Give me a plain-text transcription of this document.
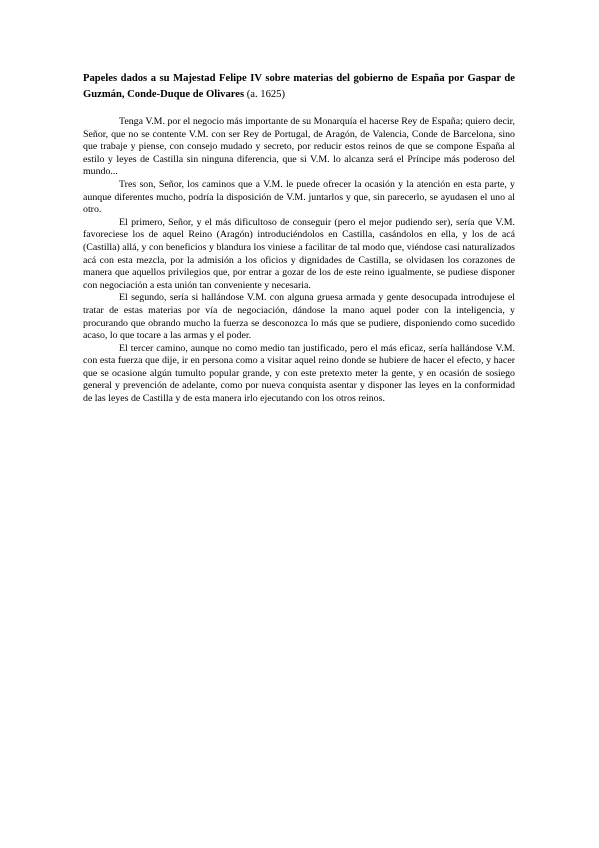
Papeles dados a su Majestad Felipe IV sobre materias del gobierno de España por Gaspar de Guzmán, Conde-Duque de Olivares (a. 1625)

Tenga V.M. por el negocio más importante de su Monarquía el hacerse Rey de España; quiero decir, Señor, que no se contente V.M. con ser Rey de Portugal, de Aragón, de Valencia, Conde de Barcelona, sino que trabaje y piense, con consejo mudado y secreto, por reducir estos reinos de que se compone España al estilo y leyes de Castilla sin ninguna diferencia, que si V.M. lo alcanza será el Príncipe más poderoso del mundo...

Tres son, Señor, los caminos que a V.M. le puede ofrecer la ocasión y la atención en esta parte, y aunque diferentes mucho, podría la disposición de V.M. juntarlos y que, sin parecerlo, se ayudasen el uno al otro.

El primero, Señor, y el más dificultoso de conseguir (pero el mejor pudiendo ser), sería que V.M. favoreciese los de aquel Reino (Aragón) introduciéndolos en Castilla, casándolos en ella, y los de acá (Castilla) allá, y con beneficios y blandura los viniese a facilitar de tal modo que, viéndose casi naturalizados acá con esta mezcla, por la admisión a los oficios y dignidades de Castilla, se olvidasen los corazones de manera que aquellos privilegios que, por entrar a gozar de los de este reino igualmente, se pudiese disponer con negociación a esta unión tan conveniente y necesaria.

El segundo, sería si hallándose V.M. con alguna gruesa armada y gente desocupada introdujese el tratar de estas materias por vía de negociación, dándose la mano aquel poder con la inteligencia, y procurando que obrando mucho la fuerza se desconozca lo más que se pudiere, disponiendo como sucedido acaso, lo que tocare a las armas y el poder.

El tercer camino, aunque no como medio tan justificado, pero el más eficaz, sería hallándose V.M. con esta fuerza que dije, ir en persona como a visitar aquel reino donde se hubiere de hacer el efecto, y hacer que se ocasione algún tumulto popular grande, y con este pretexto meter la gente, y en ocasión de sosiego general y prevención de adelante, como por nueva conquista asentar y disponer las leyes en la conformidad de las leyes de Castilla y de esta manera irlo ejecutando con los otros reinos.
